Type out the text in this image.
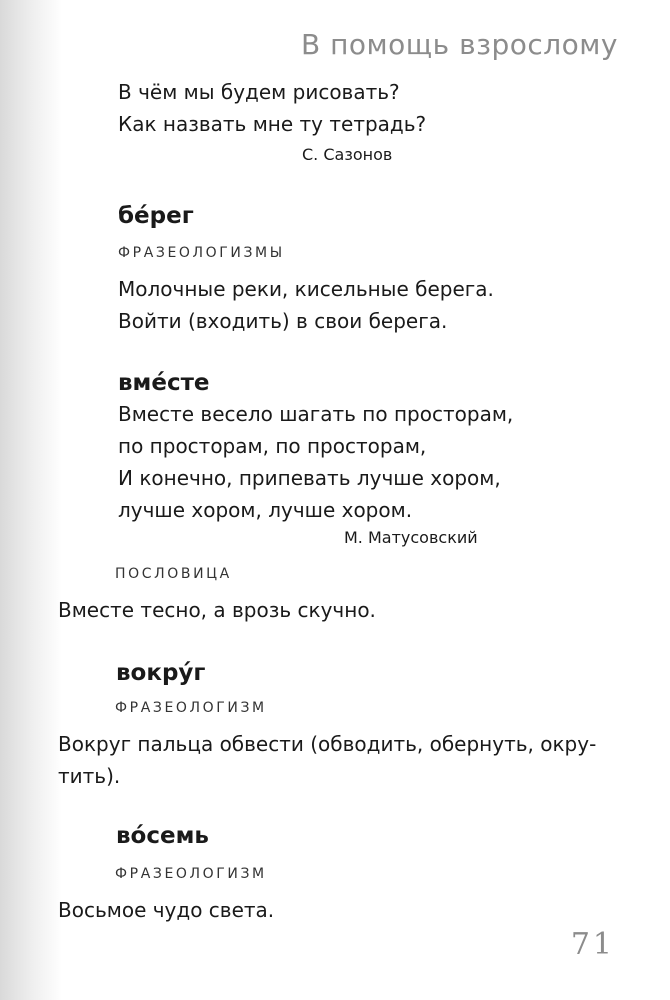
В помощь взрослому
В чём мы будем рисовать?
Как назвать мне ту тетрадь?
С. Сазонов
бе́рег
ФРАЗЕОЛОГИЗМЫ
Молочные реки, кисельные берега.
Войти (входить) в свои берега.
вме́сте
Вместе весело шагать по просторам,
по просторам, по просторам,
И конечно, припевать лучше хором,
лучше хором, лучше хором.
М. Матусовский
ПОСЛОВИЦА
Вместе тесно, а врозь скучно.
вокру́г
ФРАЗЕОЛОГИЗМ
Вокруг пальца обвести (обводить, обернуть, окру-
тить).
во́семь
ФРАЗЕОЛОГИЗМ
Восьмое чудо света.
71
